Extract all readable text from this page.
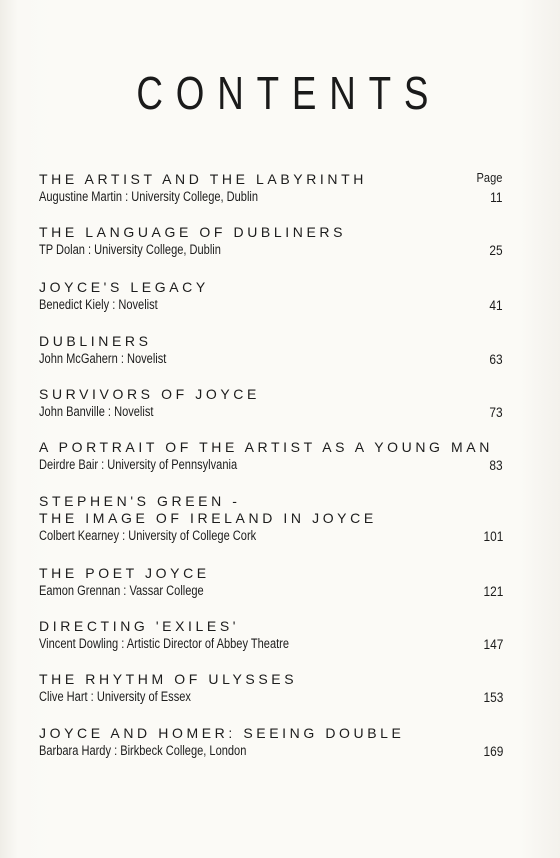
CONTENTS
Page
THE ARTIST AND THE LABYRINTH
Augustine Martin : University College, Dublin	11
THE LANGUAGE OF DUBLINERS
TP Dolan : University College, Dublin	25
JOYCE'S LEGACY
Benedict Kiely : Novelist	41
DUBLINERS
John McGahern : Novelist	63
SURVIVORS OF JOYCE
John Banville : Novelist	73
A PORTRAIT OF THE ARTIST AS A YOUNG MAN
Deirdre Bair : University of Pennsylvania	83
STEPHEN'S GREEN -
THE IMAGE OF IRELAND IN JOYCE
Colbert Kearney : University of College Cork	101
THE POET JOYCE
Eamon Grennan : Vassar College	121
DIRECTING 'EXILES'
Vincent Dowling : Artistic Director of Abbey Theatre	147
THE RHYTHM OF ULYSSES
Clive Hart : University of Essex	153
JOYCE AND HOMER: SEEING DOUBLE
Barbara Hardy : Birkbeck College, London	169
